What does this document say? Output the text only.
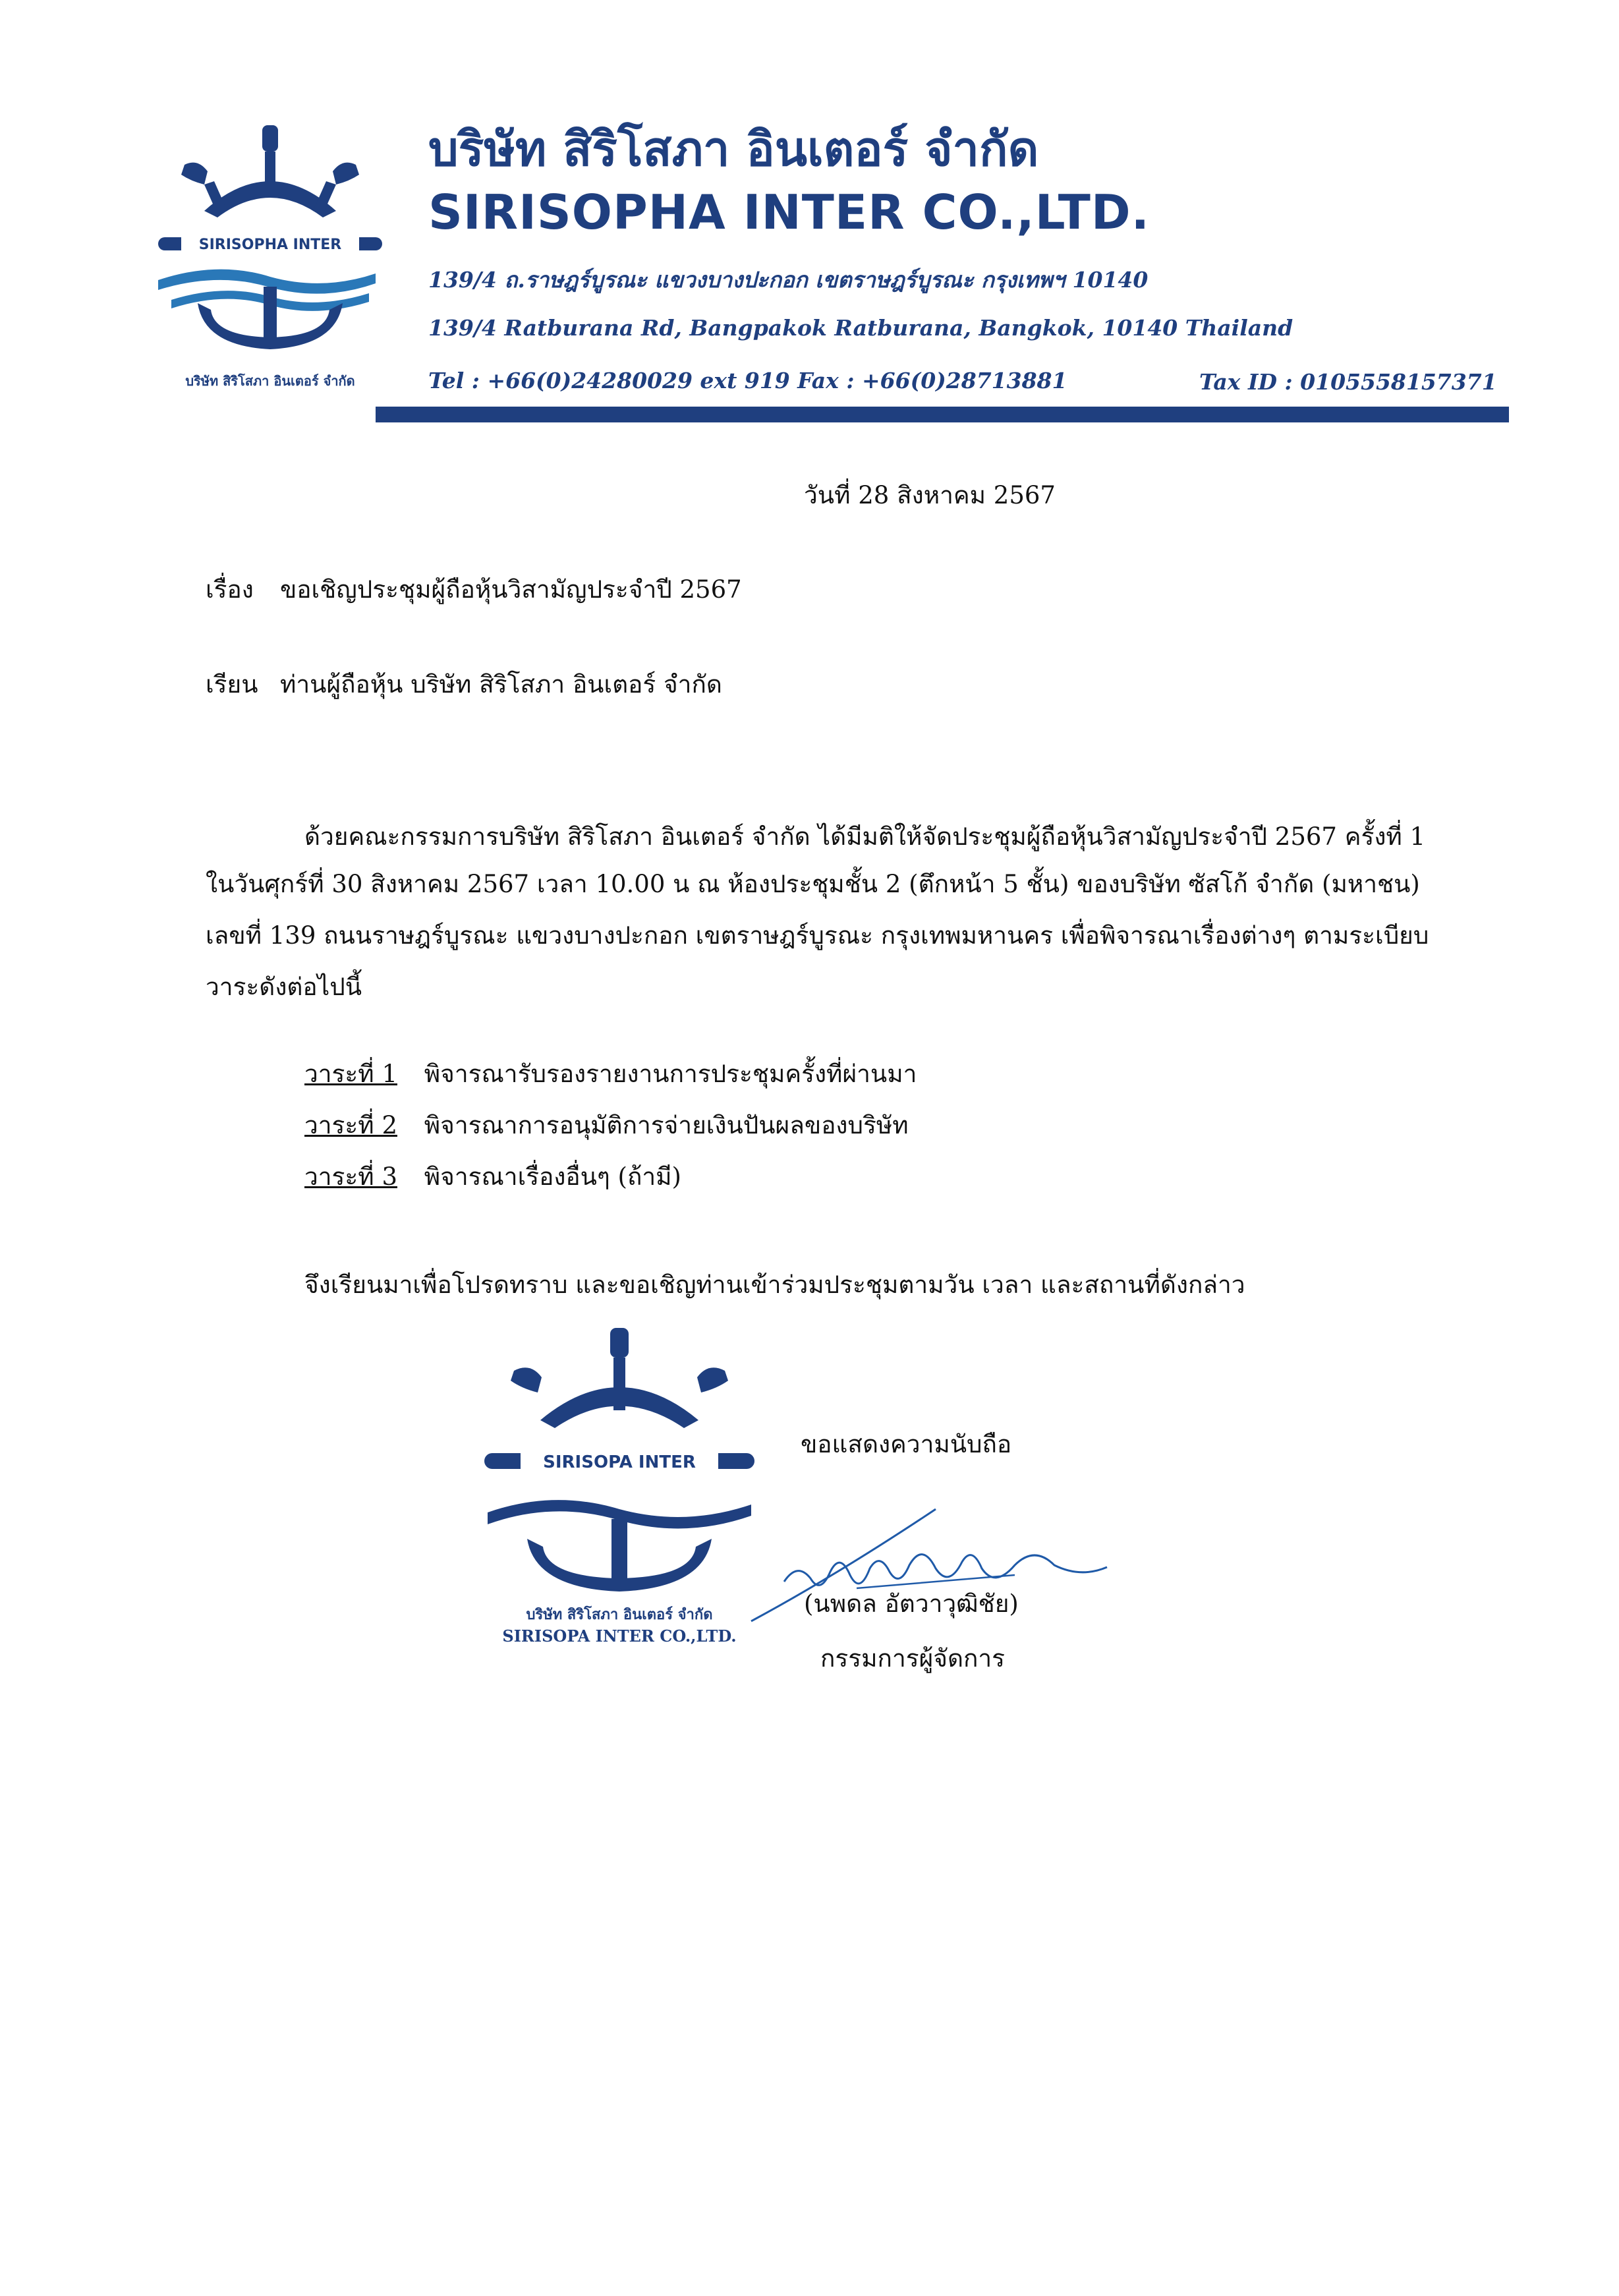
SIRISOPHA INTER
บริษัท สิริโสภา อินเตอร์ จำกัด
บริษัท สิริโสภา อินเตอร์ จำกัด
SIRISOPHA INTER CO.,LTD.
139/4 ถ.ราษฎร์บูรณะ แขวงบางปะกอก เขตราษฎร์บูรณะ กรุงเทพฯ 10140
139/4 Ratburana Rd, Bangpakok Ratburana, Bangkok, 10140 Thailand
Tel : +66(0)24280029 ext 919 Fax : +66(0)28713881	Tax ID : 0105558157371
วันที่ 28 สิงหาคม 2567
เรื่อง ขอเชิญประชุมผู้ถือหุ้นวิสามัญประจำปี 2567
เรียน ท่านผู้ถือหุ้น บริษัท สิริโสภา อินเตอร์ จำกัด
ด้วยคณะกรรมการบริษัท สิริโสภา อินเตอร์ จำกัด ได้มีมติให้จัดประชุมผู้ถือหุ้นวิสามัญประจำปี 2567 ครั้งที่ 1
ในวันศุกร์ที่ 30 สิงหาคม 2567 เวลา 10.00 น ณ ห้องประชุมชั้น 2 (ตึกหน้า 5 ชั้น) ของบริษัท ซัสโก้ จำกัด (มหาชน)
เลขที่ 139 ถนนราษฎร์บูรณะ แขวงบางปะกอก เขตราษฎร์บูรณะ กรุงเทพมหานคร เพื่อพิจารณาเรื่องต่างๆ ตามระเบียบ
วาระดังต่อไปนี้
วาระที่ 1 พิจารณารับรองรายงานการประชุมครั้งที่ผ่านมา
วาระที่ 2 พิจารณาการอนุมัติการจ่ายเงินปันผลของบริษัท
วาระที่ 3 พิจารณาเรื่องอื่นๆ (ถ้ามี)
จึงเรียนมาเพื่อโปรดทราบ และขอเชิญท่านเข้าร่วมประชุมตามวัน เวลา และสถานที่ดังกล่าว
SIRISOPA INTER
บริษัท สิริโสภา อินเตอร์ จำกัด
SIRISOPA INTER CO.,LTD.
ขอแสดงความนับถือ
(นพดล อัตวาวุฒิชัย)
กรรมการผู้จัดการ
